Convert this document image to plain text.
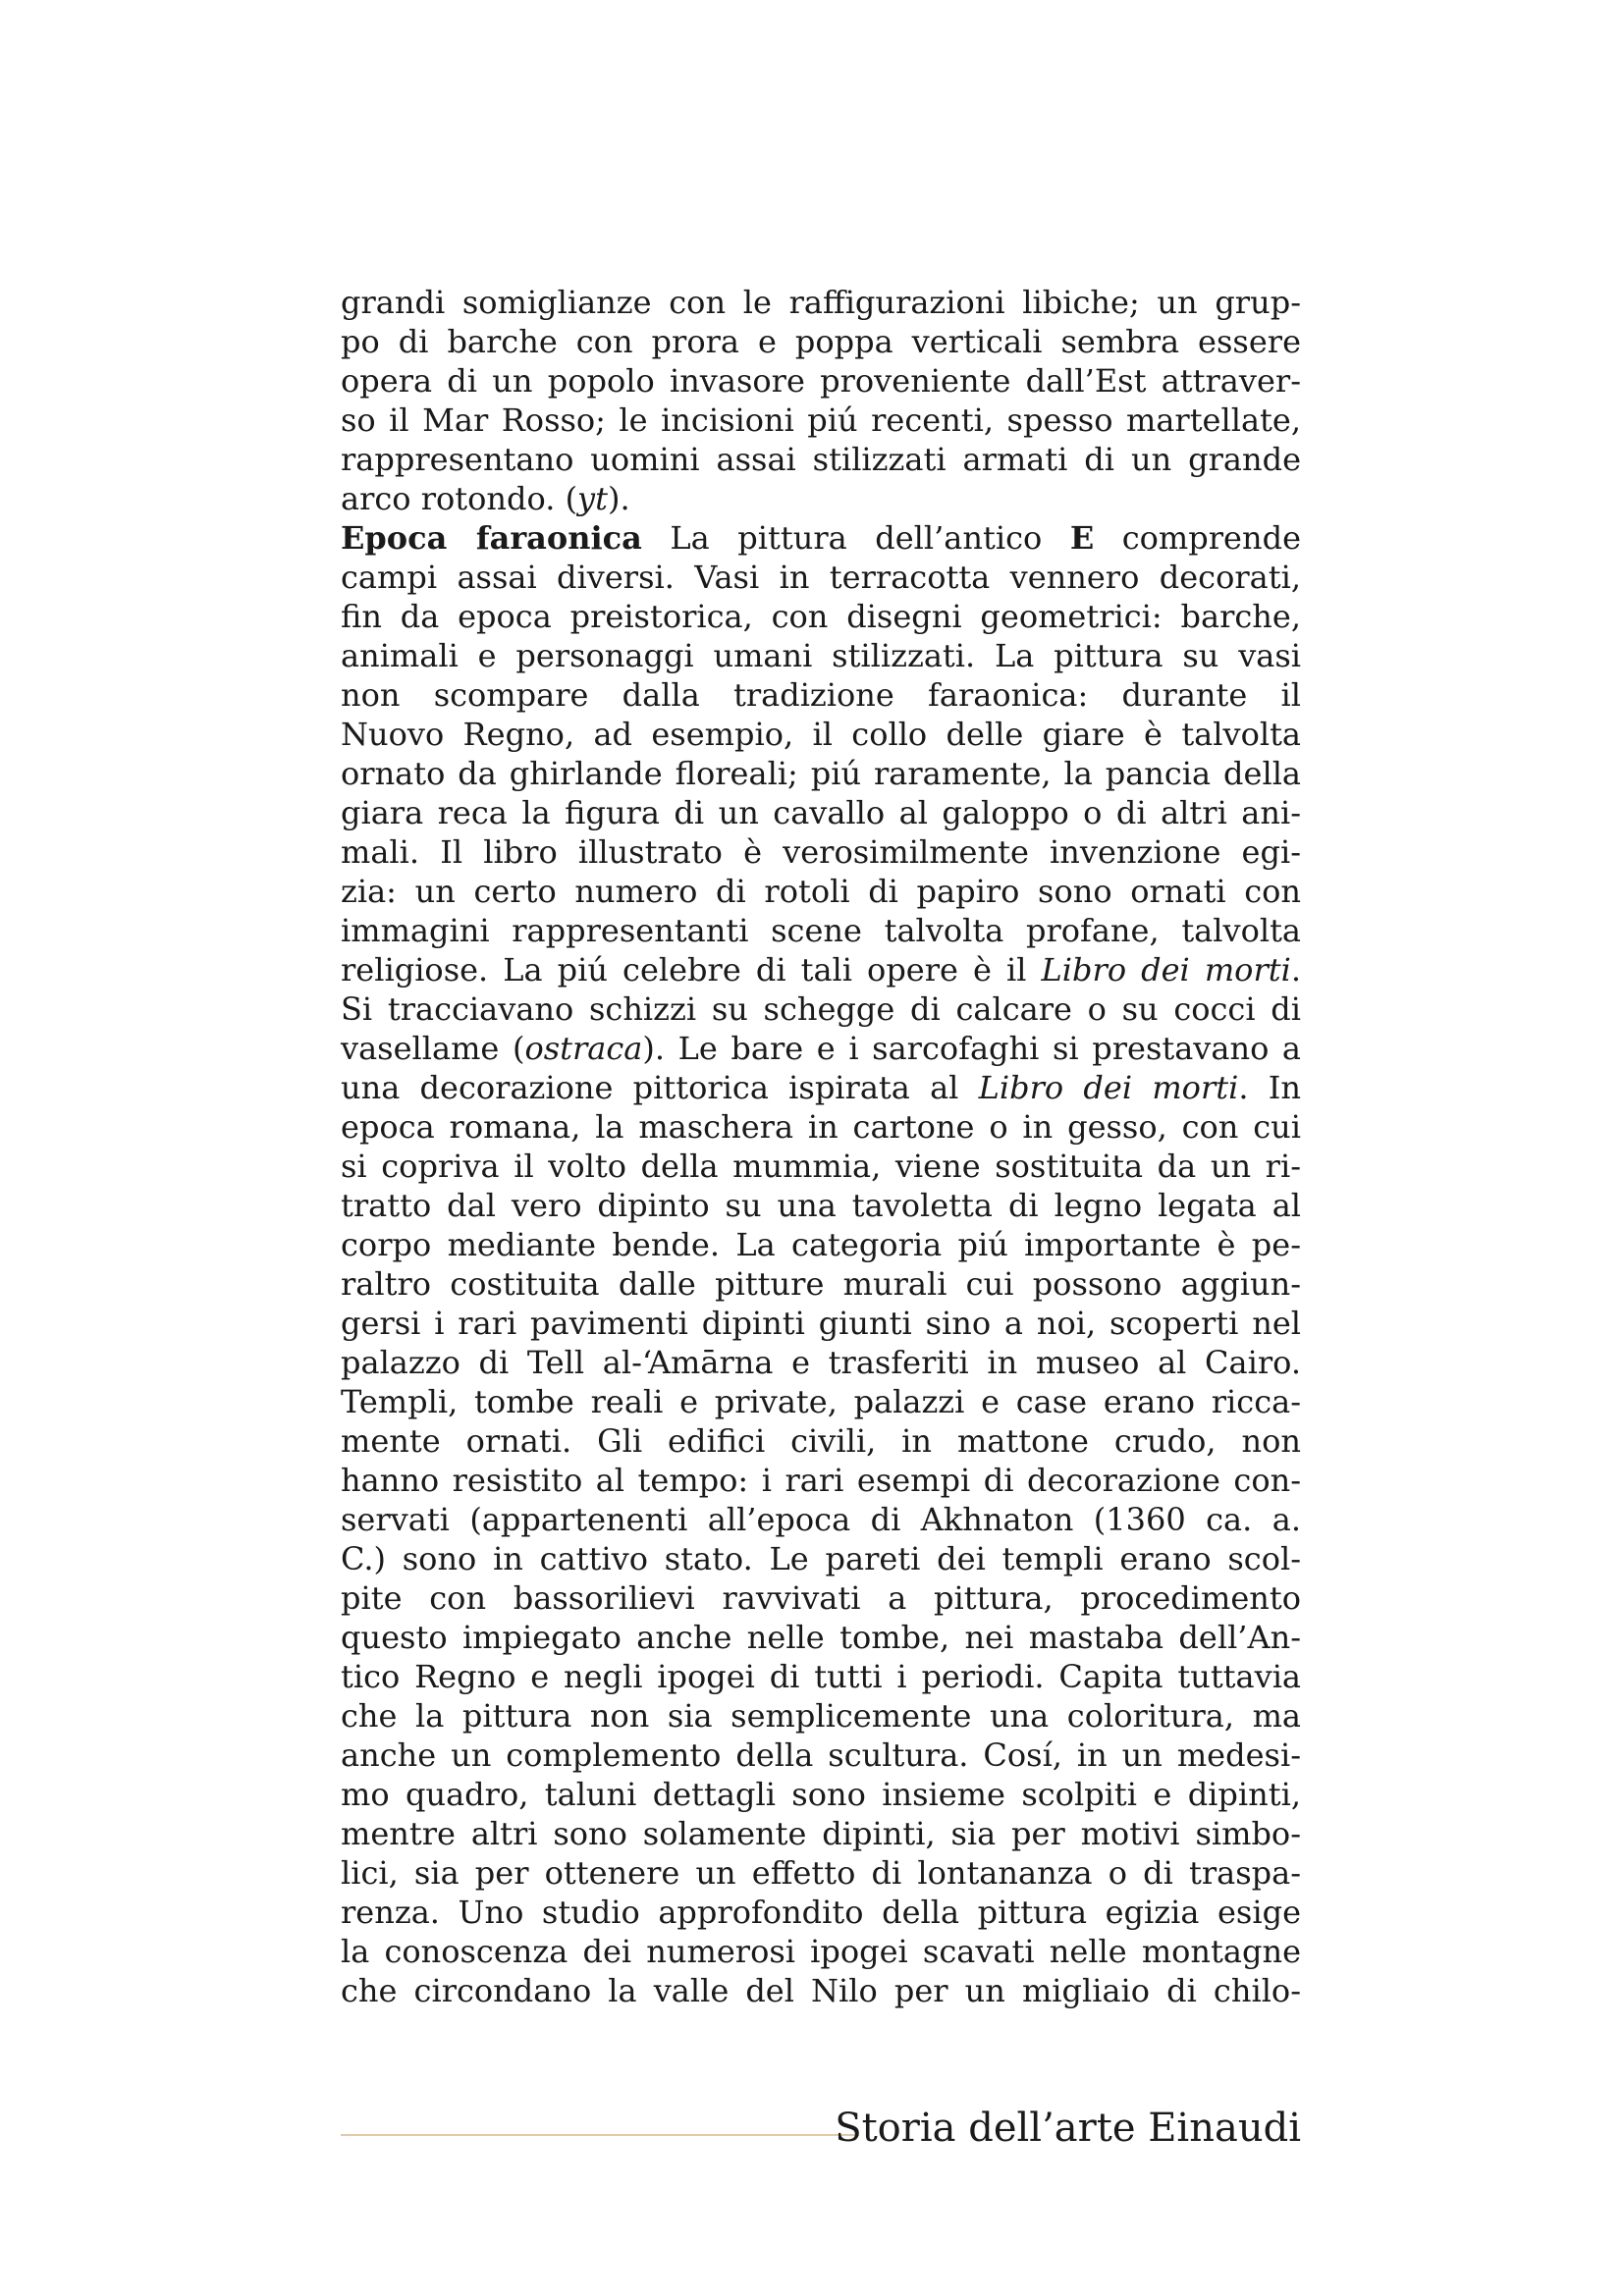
grandi somiglianze con le raffigurazioni libiche; un grup-
po di barche con prora e poppa verticali sembra essere
opera di un popolo invasore proveniente dall’Est attraver-
so il Mar Rosso; le incisioni piú recenti, spesso martellate,
rappresentano uomini assai stilizzati armati di un grande
arco rotondo. (yt).
Epoca faraonica La pittura dell’antico E comprende
campi assai diversi. Vasi in terracotta vennero decorati,
fin da epoca preistorica, con disegni geometrici: barche,
animali e personaggi umani stilizzati. La pittura su vasi
non scompare dalla tradizione faraonica: durante il
Nuovo Regno, ad esempio, il collo delle giare è talvolta
ornato da ghirlande floreali; piú raramente, la pancia della
giara reca la figura di un cavallo al galoppo o di altri ani-
mali. Il libro illustrato è verosimilmente invenzione egi-
zia: un certo numero di rotoli di papiro sono ornati con
immagini rappresentanti scene talvolta profane, talvolta
religiose. La piú celebre di tali opere è il Libro dei morti.
Si tracciavano schizzi su schegge di calcare o su cocci di
vasellame (ostraca). Le bare e i sarcofaghi si prestavano a
una decorazione pittorica ispirata al Libro dei morti. In
epoca romana, la maschera in cartone o in gesso, con cui
si copriva il volto della mummia, viene sostituita da un ri-
tratto dal vero dipinto su una tavoletta di legno legata al
corpo mediante bende. La categoria piú importante è pe-
raltro costituita dalle pitture murali cui possono aggiun-
gersi i rari pavimenti dipinti giunti sino a noi, scoperti nel
palazzo di Tell al-‘Amārna e trasferiti in museo al Cairo.
Templi, tombe reali e private, palazzi e case erano ricca-
mente ornati. Gli edifici civili, in mattone crudo, non
hanno resistito al tempo: i rari esempi di decorazione con-
servati (appartenenti all’epoca di Akhnaton (1360 ca. a.
C.) sono in cattivo stato. Le pareti dei templi erano scol-
pite con bassorilievi ravvivati a pittura, procedimento
questo impiegato anche nelle tombe, nei mastaba dell’An-
tico Regno e negli ipogei di tutti i periodi. Capita tuttavia
che la pittura non sia semplicemente una coloritura, ma
anche un complemento della scultura. Cosí, in un medesi-
mo quadro, taluni dettagli sono insieme scolpiti e dipinti,
mentre altri sono solamente dipinti, sia per motivi simbo-
lici, sia per ottenere un effetto di lontananza o di traspa-
renza. Uno studio approfondito della pittura egizia esige
la conoscenza dei numerosi ipogei scavati nelle montagne
che circondano la valle del Nilo per un migliaio di chilo-
Storia dell’arte Einaudi
